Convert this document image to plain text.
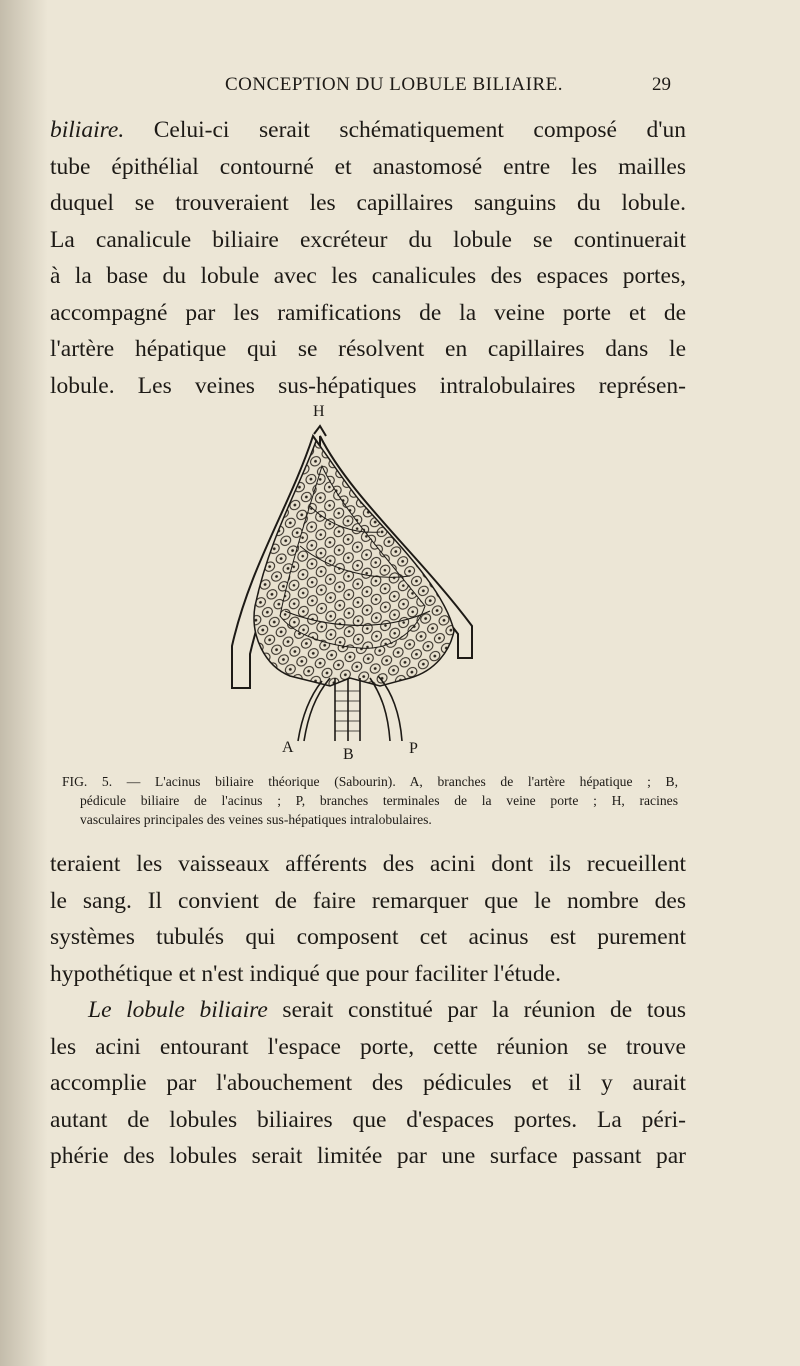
CONCEPTION DU LOBULE BILIAIRE.	29
biliaire. Celui-ci serait schématiquement composé d'un
tube épithélial contourné et anastomosé entre les mailles
duquel se trouveraient les capillaires sanguins du lobule.
La canalicule biliaire excréteur du lobule se continuerait
à la base du lobule avec les canalicules des espaces portes,
accompagné par les ramifications de la veine porte et de
l'artère hépatique qui se résolvent en capillaires dans le
lobule. Les veines sus-hépatiques intralobulaires représen-
H
A	B	P
FIG. 5. — L'acinus biliaire théorique (Sabourin). A, branches de l'artère hépatique ; B,
pédicule biliaire de l'acinus ; P, branches terminales de la veine porte ; H, racines
vasculaires principales des veines sus-hépatiques intralobulaires.
teraient les vaisseaux afférents des acini dont ils recueillent
le sang. Il convient de faire remarquer que le nombre des
systèmes tubulés qui composent cet acinus est purement
hypothétique et n'est indiqué que pour faciliter l'étude.
Le lobule biliaire serait constitué par la réunion de tous
les acini entourant l'espace porte, cette réunion se trouve
accomplie par l'abouchement des pédicules et il y aurait
autant de lobules biliaires que d'espaces portes. La péri-
phérie des lobules serait limitée par une surface passant par
